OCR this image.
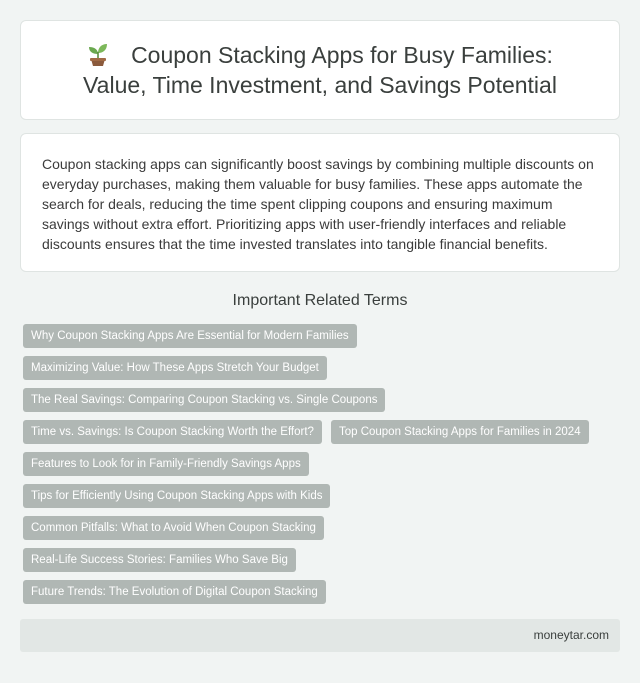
Coupon Stacking Apps for Busy Families:
Value, Time Investment, and Savings Potential

Coupon stacking apps can significantly boost savings by combining multiple discounts on everyday purchases, making them valuable for busy families. These apps automate the search for deals, reducing the time spent clipping coupons and ensuring maximum savings without extra effort. Prioritizing apps with user-friendly interfaces and reliable discounts ensures that the time invested translates into tangible financial benefits.

Important Related Terms
Why Coupon Stacking Apps Are Essential for Modern Families
Maximizing Value: How These Apps Stretch Your Budget
The Real Savings: Comparing Coupon Stacking vs. Single Coupons
Time vs. Savings: Is Coupon Stacking Worth the Effort?	Top Coupon Stacking Apps for Families in 2024
Features to Look for in Family-Friendly Savings Apps
Tips for Efficiently Using Coupon Stacking Apps with Kids
Common Pitfalls: What to Avoid When Coupon Stacking
Real-Life Success Stories: Families Who Save Big
Future Trends: The Evolution of Digital Coupon Stacking
moneytar.com
